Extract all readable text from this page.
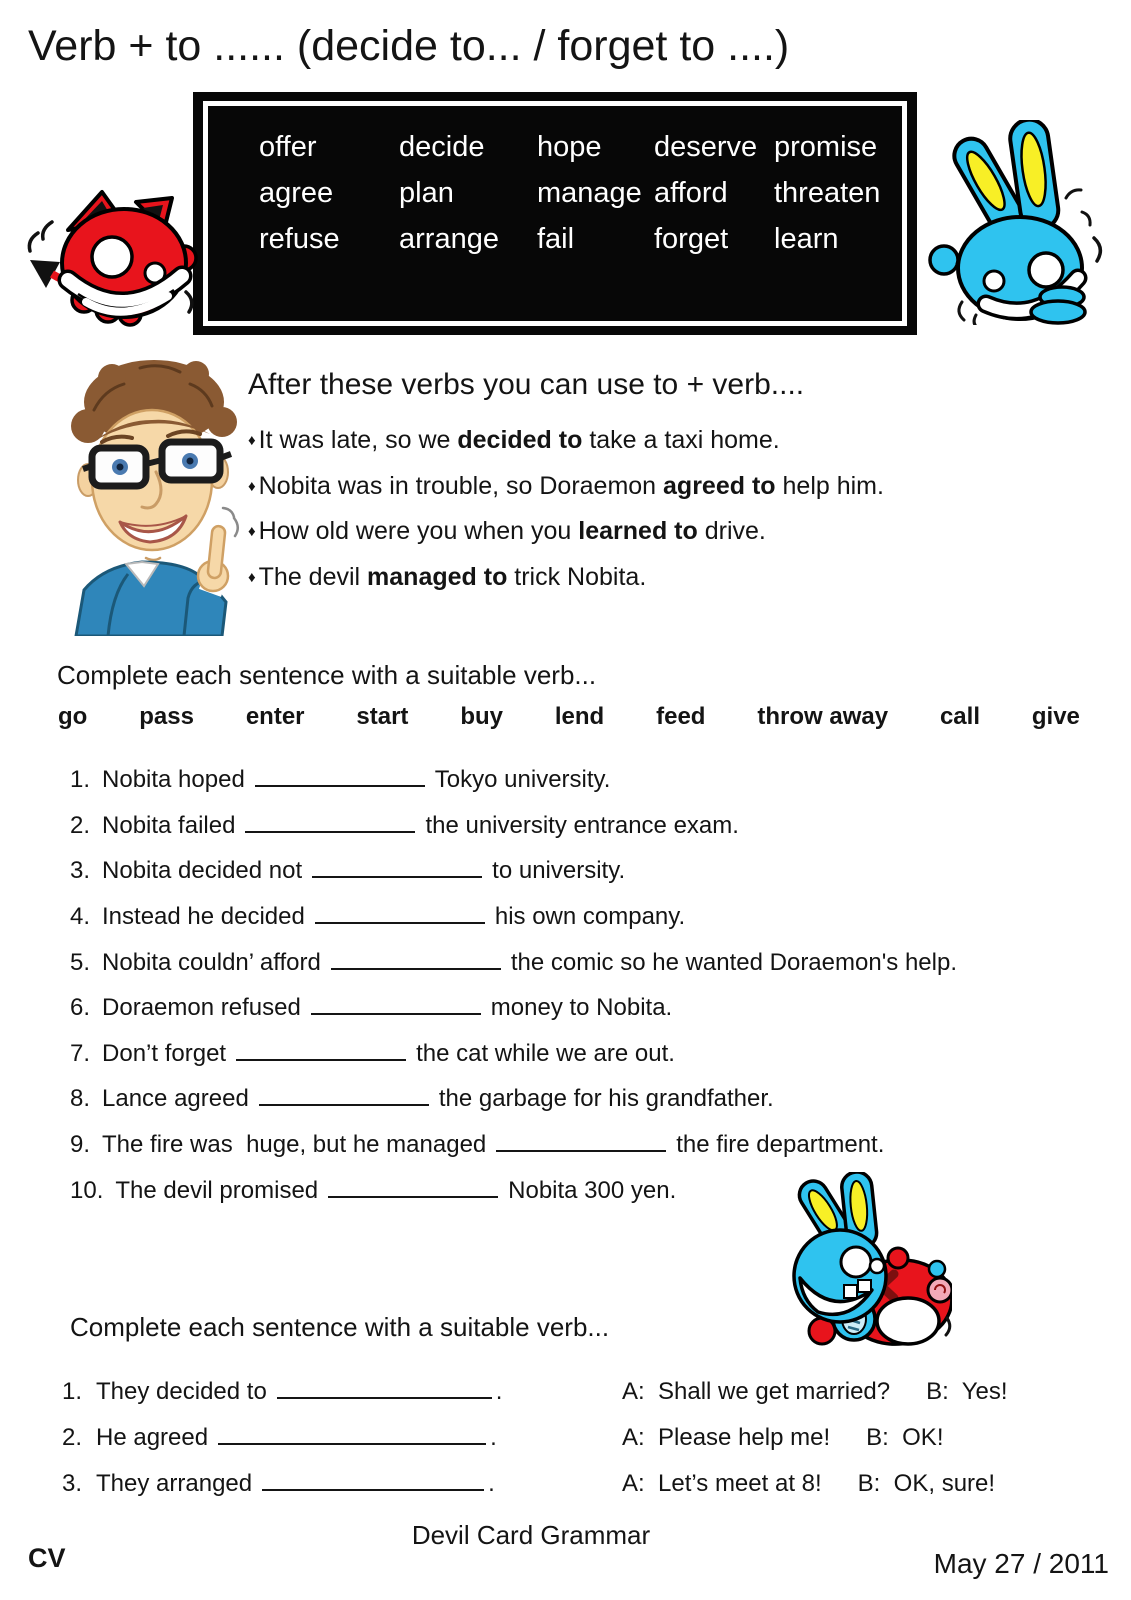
Verb + to ...... (decide to... / forget to ....)
offer	decide	hope	deserve promise
agree	plan	manage afford	threaten
refuse	arrange	fail	forget	learn
After these verbs you can use to + verb....
♦ It was late, so we decided to take a taxi home.
♦ Nobita was in trouble, so Doraemon agreed to help him.
♦ How old were you when you learned to drive.
♦ The devil managed to trick Nobita.
Complete each sentence with a suitable verb...
go pass enter start buy lend feed throw away call give
1. Nobita hoped	Tokyo university.
2. Nobita failed	the university entrance exam.
3. Nobita decided not	to university.
4. Instead he decided	his own company.
5. Nobita couldn’ afford	the comic so he wanted Doraemon's help.
6. Doraemon refused	money to Nobita.
7. Don’t forget	the cat while we are out.
8. Lance agreed	the garbage for his grandfather.
9. The fire was  huge, but he managed	the fire department.
10. The devil promised	Nobita 300 yen.
Complete each sentence with a suitable verb...
1. They decided to	.	A:  Shall we get married? B:  Yes!
2. He agreed	.	A:  Please help me! B:  OK!
3. They arranged	.	A:  Let’s meet at 8! B:  OK, sure!
Devil Card Grammar
CV	May 27 / 2011
